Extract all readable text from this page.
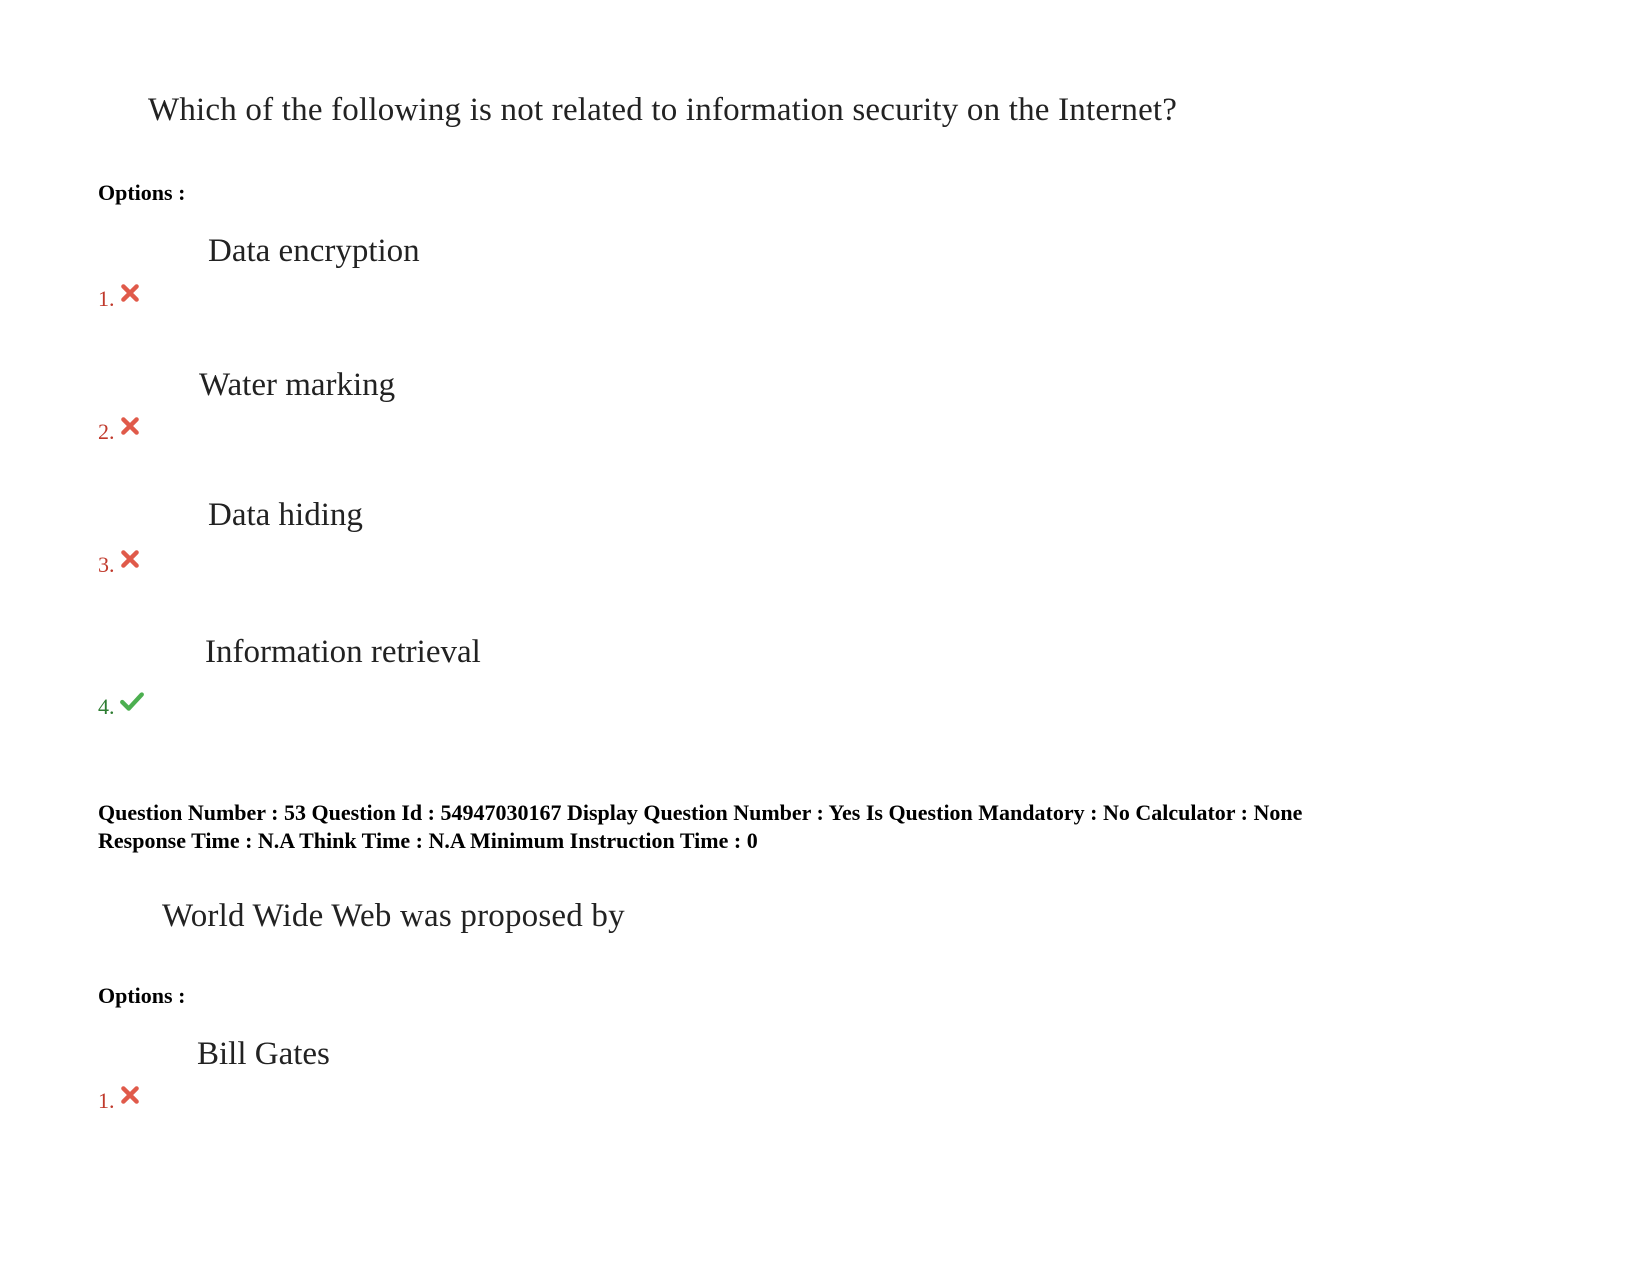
Which of the following is not related to information security on the Internet?
Options :
Data encryption
1.
Water marking
2.
Data hiding
3.
Information retrieval
4.
Question Number : 53 Question Id : 54947030167 Display Question Number : Yes Is Question Mandatory : No Calculator : None
Response Time : N.A Think Time : N.A Minimum Instruction Time : 0
World Wide Web was proposed by
Options :
Bill Gates
1.
